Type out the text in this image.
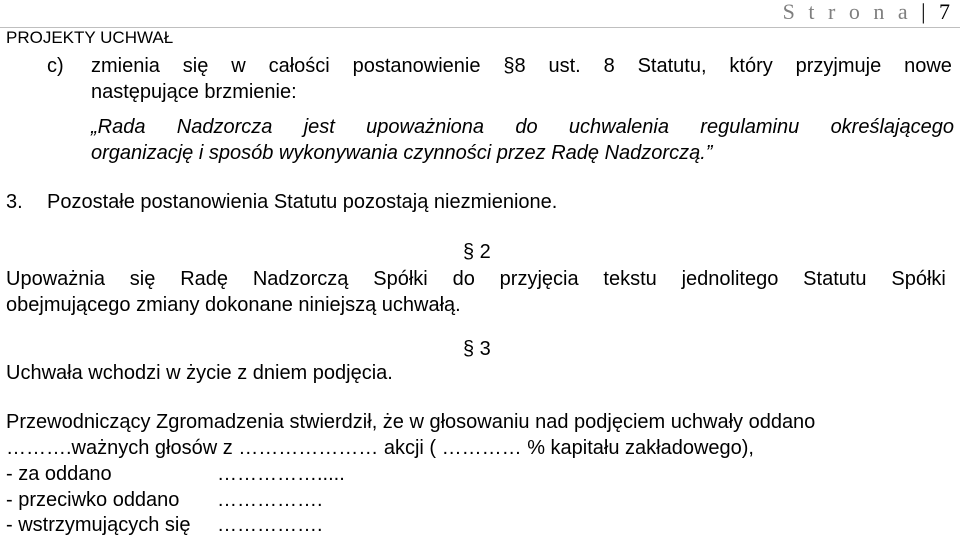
S t r o n a | 7
PROJEKTY UCHWAŁ
c) zmienia się w całości postanowienie §8 ust. 8 Statutu, który przyjmuje nowe
następujące brzmienie:
„Rada Nadzorcza jest upoważniona do uchwalenia regulaminu określającego
organizację i sposób wykonywania czynności przez Radę Nadzorczą.”
3. Pozostałe postanowienia Statutu pozostają niezmienione.
§ 2
Upoważnia się Radę Nadzorczą Spółki do przyjęcia tekstu jednolitego Statutu Spółki
obejmującego zmiany dokonane niniejszą uchwałą.
§ 3
Uchwała wchodzi w życie z dniem podjęcia.
Przewodniczący Zgromadzenia stwierdził, że w głosowaniu nad podjęciem uchwały oddano
……….ważnych głosów z ………………… akcji ( ………… % kapitału zakładowego),
- za oddano	…………….....
- przeciwko oddano …………….
- wstrzymujących się …………….
